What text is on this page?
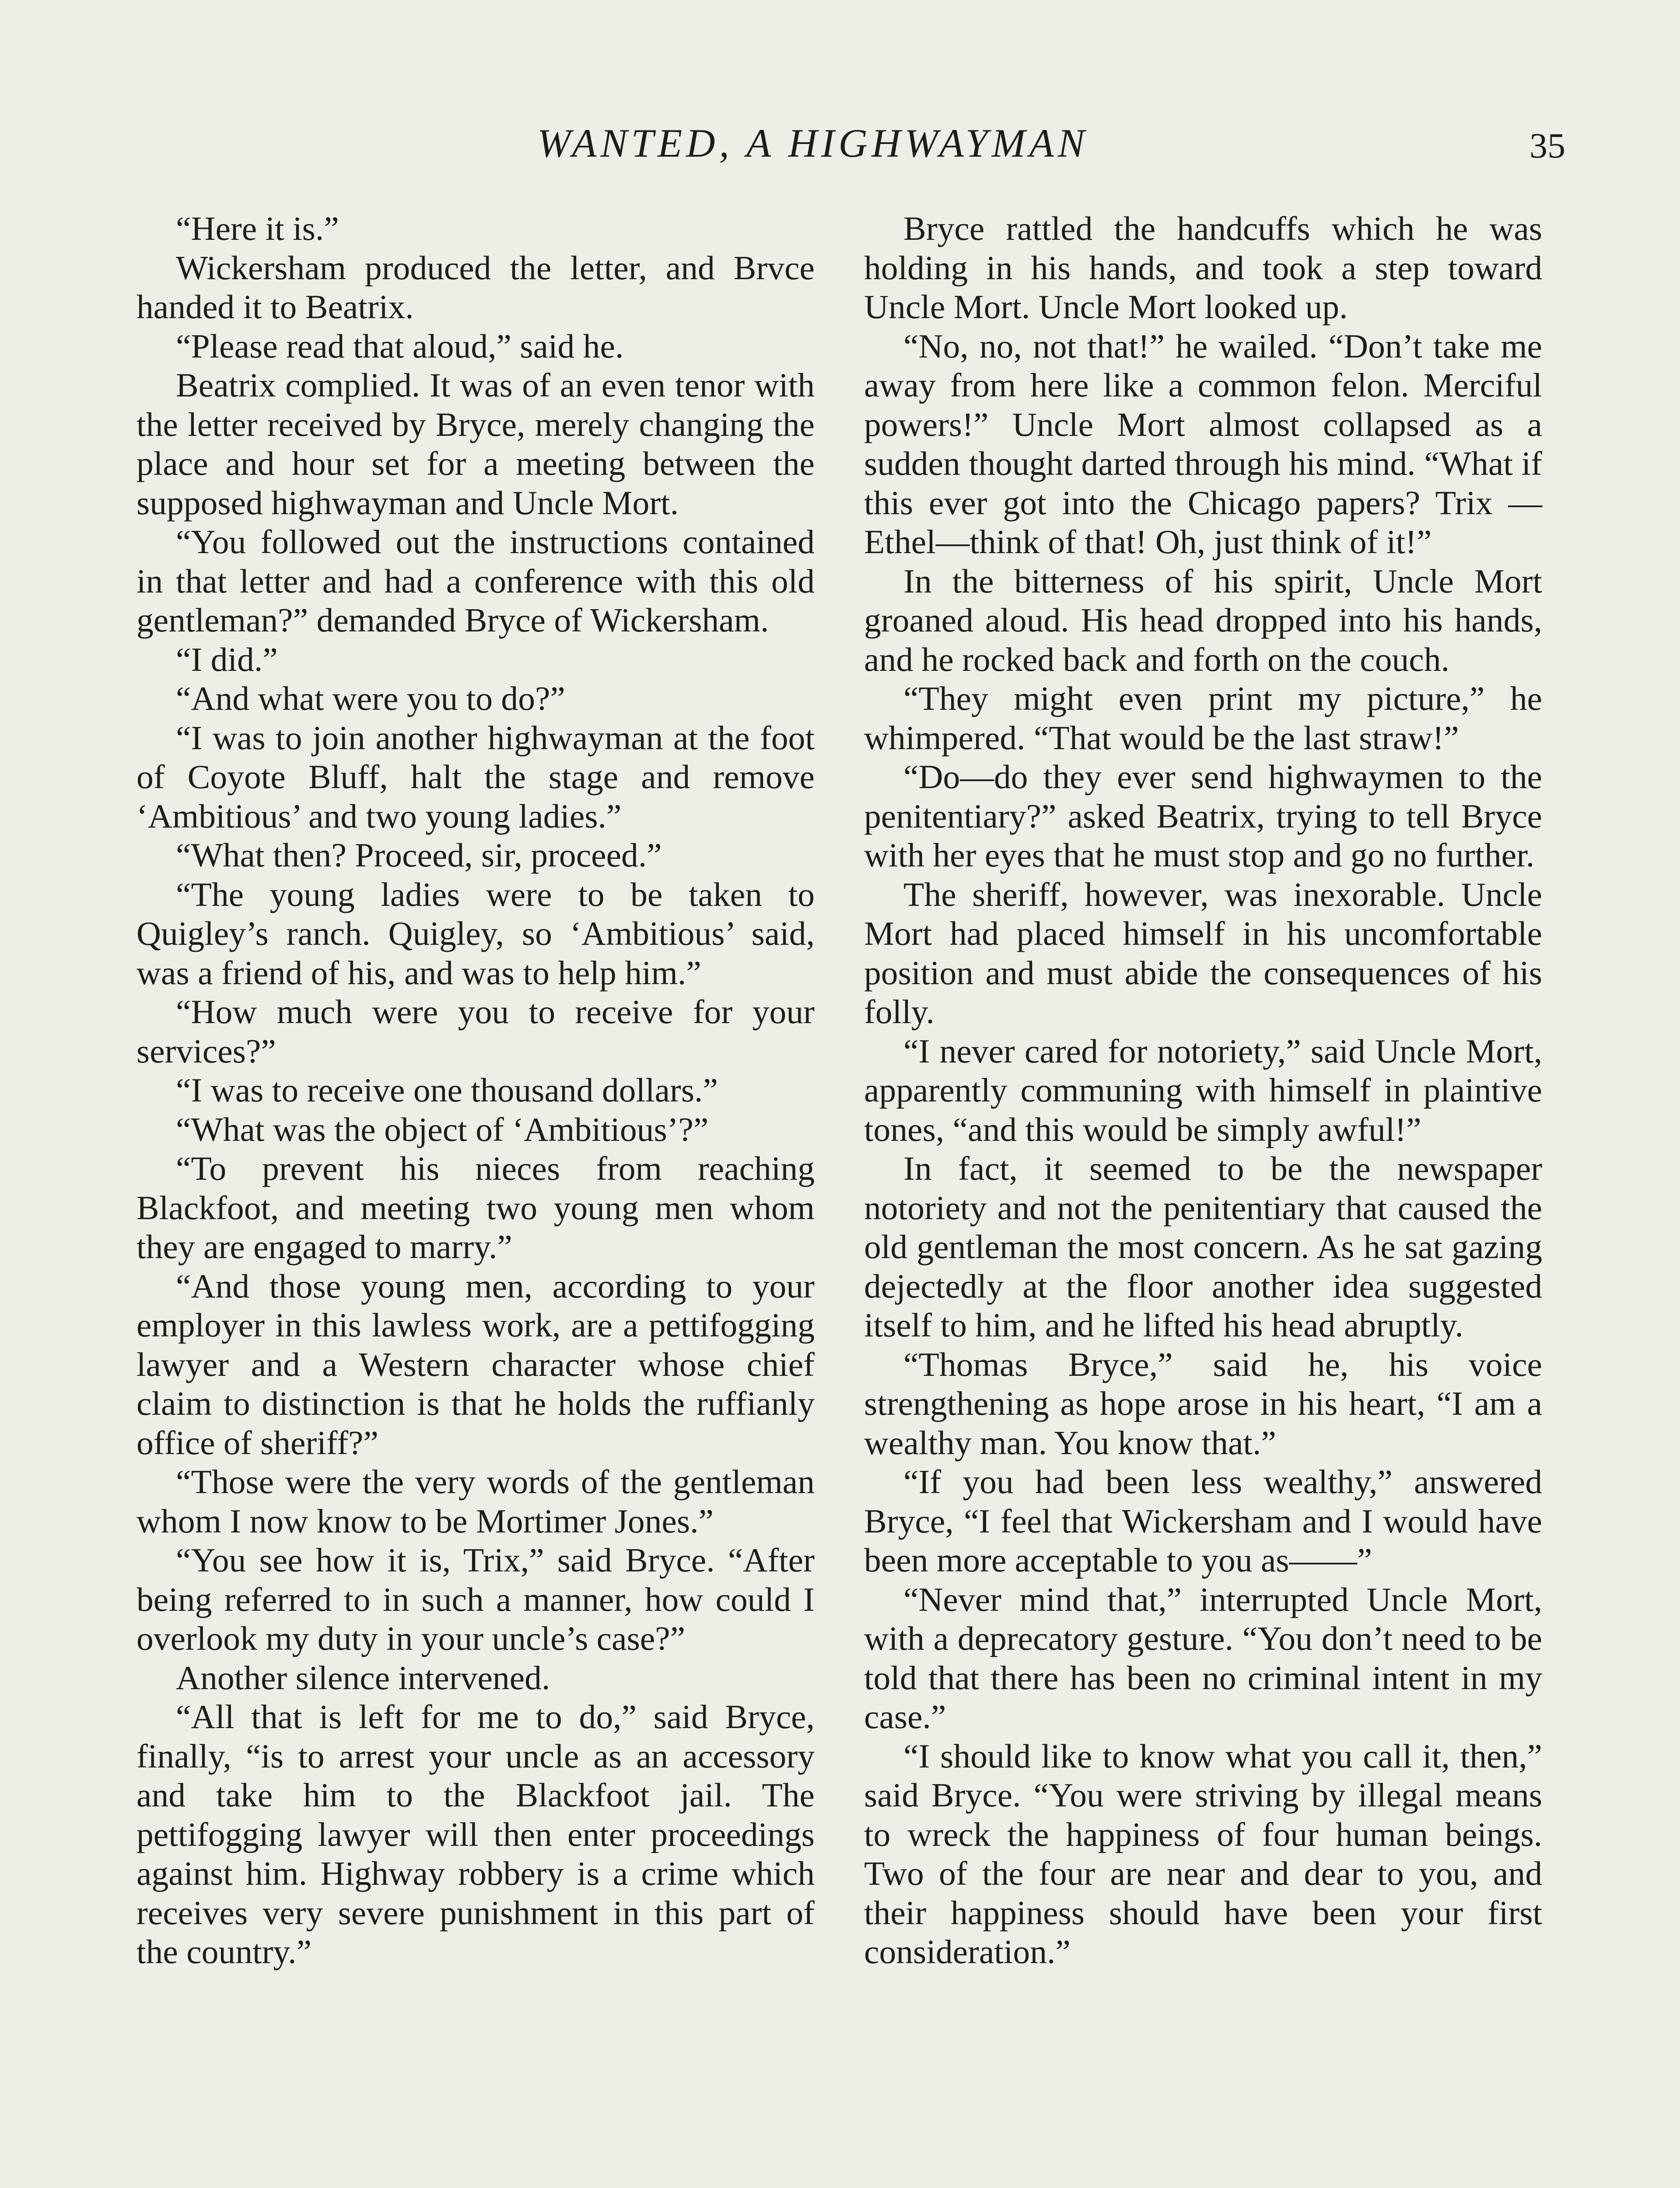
WANTED, A HIGHWAYMAN	35

“Here it is.”

Wickersham produced the letter, and Brvce handed it to Beatrix.

“Please read that aloud,” said he.

Beatrix complied. It was of an even tenor with the letter received by Bryce, merely changing the place and hour set for a meeting between the supposed highwayman and Uncle Mort.

“You followed out the instructions contained in that letter and had a conference with this old gentleman?” demanded Bryce of Wickersham.

“I did.”

“And what were you to do?”

“I was to join another highwayman at the foot of Coyote Bluff, halt the stage and remove ‘Ambitious’ and two young ladies.”

“What then? Proceed, sir, proceed.”

“The young ladies were to be taken to Quigley’s ranch. Quigley, so ‘Ambitious’ said, was a friend of his, and was to help him.”

“How much were you to receive for your services?”

“I was to receive one thousand dollars.”

“What was the object of ‘Ambitious’?”

“To prevent his nieces from reaching Blackfoot, and meeting two young men whom they are engaged to marry.”

“And those young men, according to your employer in this lawless work, are a pettifogging lawyer and a Western character whose chief claim to distinction is that he holds the ruffianly office of sheriff?”

“Those were the very words of the gentleman whom I now know to be Mortimer Jones.”

“You see how it is, Trix,” said Bryce. “After being referred to in such a manner, how could I overlook my duty in your uncle’s case?”

Another silence intervened.

“All that is left for me to do,” said Bryce, finally, “is to arrest your uncle as an accessory and take him to the Blackfoot jail. The pettifogging lawyer will then enter proceedings against him. Highway robbery is a crime which receives very severe punishment in this part of the country.”

Bryce rattled the handcuffs which he was holding in his hands, and took a step toward Uncle Mort. Uncle Mort looked up.

“No, no, not that!” he wailed. “Don’t take me away from here like a common felon. Merciful powers!” Uncle Mort almost collapsed as a sudden thought darted through his mind. “What if this ever got into the Chicago papers? Trix —Ethel—think of that! Oh, just think of it!”

In the bitterness of his spirit, Uncle Mort groaned aloud. His head dropped into his hands, and he rocked back and forth on the couch.

“They might even print my picture,” he whimpered. “That would be the last straw!”

“Do—do they ever send highwaymen to the penitentiary?” asked Beatrix, trying to tell Bryce with her eyes that he must stop and go no further.

The sheriff, however, was inexorable. Uncle Mort had placed himself in his uncomfortable position and must abide the consequences of his folly.

“I never cared for notoriety,” said Uncle Mort, apparently communing with himself in plaintive tones, “and this would be simply awful!”

In fact, it seemed to be the newspaper notoriety and not the penitentiary that caused the old gentleman the most concern. As he sat gazing dejectedly at the floor another idea suggested itself to him, and he lifted his head abruptly.

“Thomas Bryce,” said he, his voice strengthening as hope arose in his heart, “I am a wealthy man. You know that.”

“If you had been less wealthy,” answered Bryce, “I feel that Wickersham and I would have been more acceptable to you as——”

“Never mind that,” interrupted Uncle Mort, with a deprecatory gesture. “You don’t need to be told that there has been no criminal intent in my case.”

“I should like to know what you call it, then,” said Bryce. “You were striving by illegal means to wreck the happiness of four human beings. Two of the four are near and dear to you, and their happiness should have been your first consideration.”
